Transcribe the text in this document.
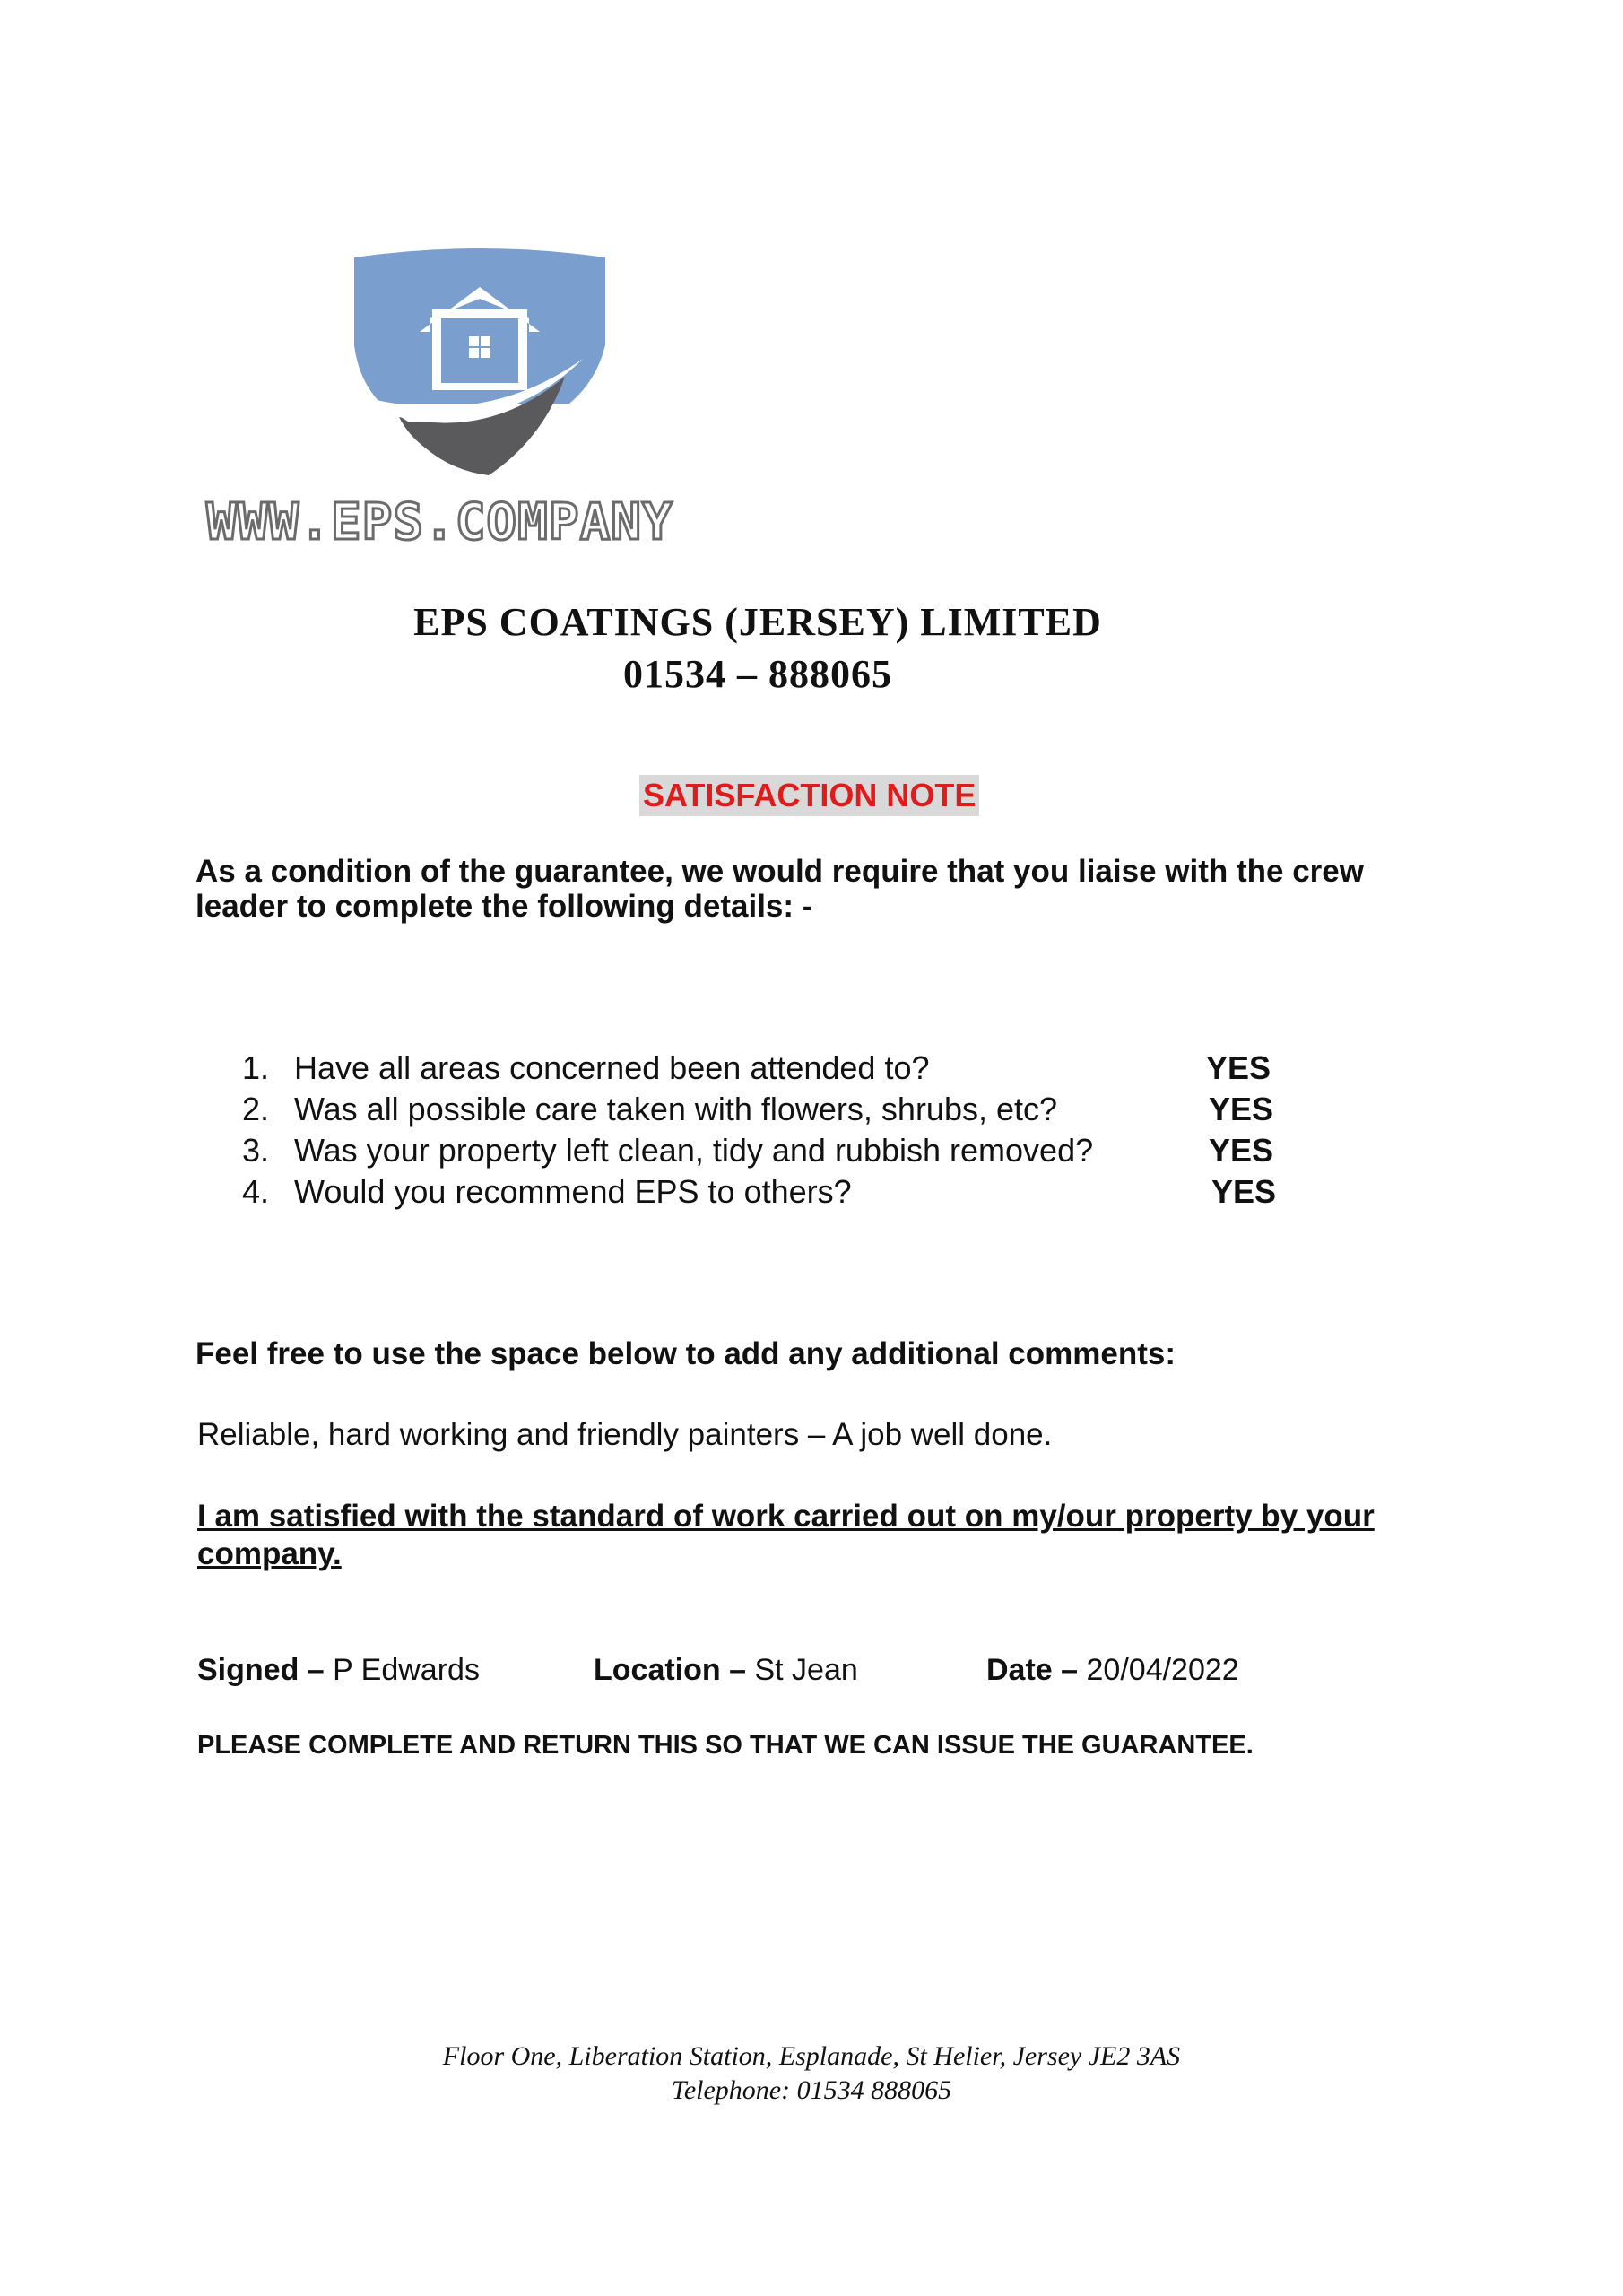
WWW.EPS.COMPANY
EPS COATINGS (JERSEY) LIMITED
01534 – 888065
SATISFACTION NOTE
As a condition of the guarantee, we would require that you liaise with the crew leader to complete the following details: -
1. Have all areas concerned been attended to?	YES
2. Was all possible care taken with flowers, shrubs, etc?	YES
3. Was your property left clean, tidy and rubbish removed?	YES
4. Would you recommend EPS to others?	YES
Feel free to use the space below to add any additional comments:
Reliable, hard working and friendly painters – A job well done.
I am satisfied with the standard of work carried out on my/our property by your company.
Signed – P Edwards	Location – St Jean	Date – 20/04/2022
PLEASE COMPLETE AND RETURN THIS SO THAT WE CAN ISSUE THE GUARANTEE.
Floor One, Liberation Station, Esplanade, St Helier, Jersey JE2 3AS
Telephone: 01534 888065
